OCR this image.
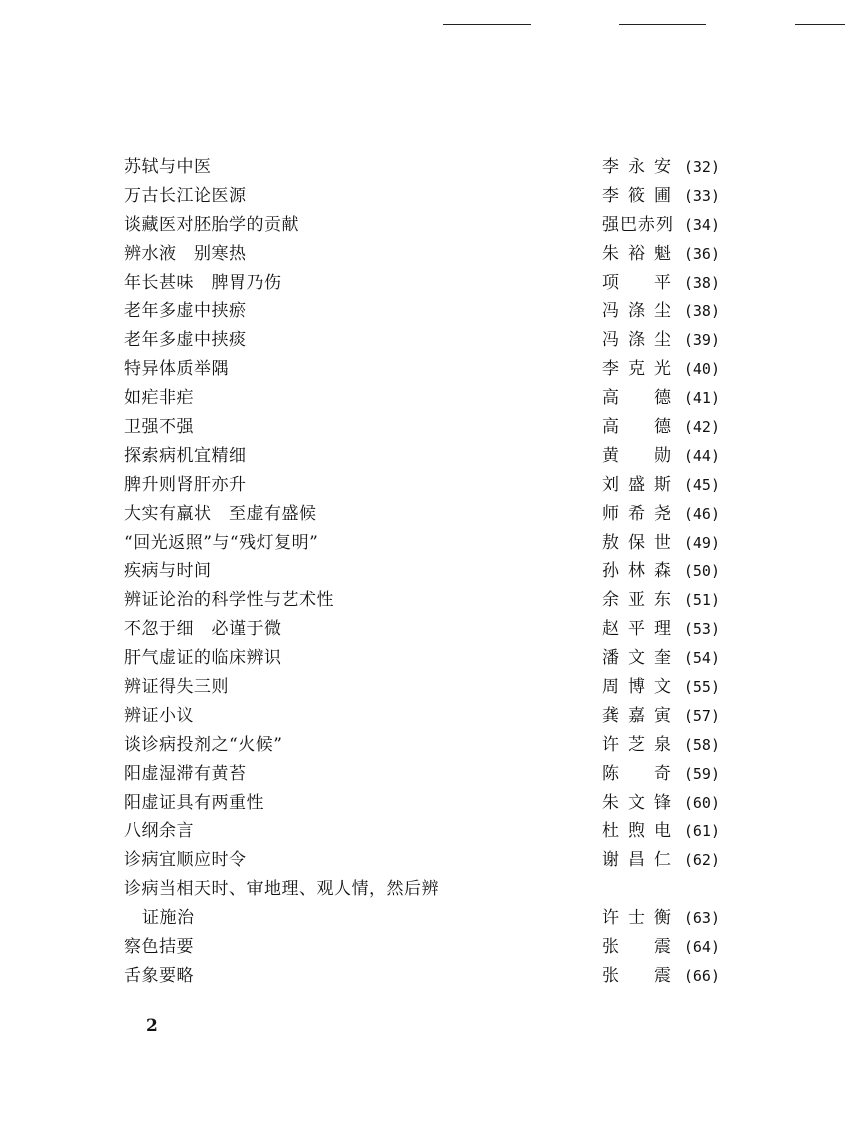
苏轼与中医	李永安 (32)
万古长江论医源	李筱圃 (33)
谈藏医对胚胎学的贡献	强巴赤列 (34)
辨水液　别寒热	朱裕魁 (36)
年长甚味　脾胃乃伤	项　平 (38)
老年多虚中挟瘀	冯涤尘 (38)
老年多虚中挟痰	冯涤尘 (39)
特异体质举隅	李克光 (40)
如疟非疟	高　德 (41)
卫强不强	高　德 (42)
探索病机宜精细	黄　勋 (44)
脾升则肾肝亦升	刘盛斯 (45)
大实有羸状　至虚有盛候	师希尧 (46)
“回光返照”与“残灯复明”	敖保世 (49)
疾病与时间	孙林森 (50)
辨证论治的科学性与艺术性	余亚东 (51)
不忽于细　必谨于微	赵平理 (53)
肝气虚证的临床辨识	潘文奎 (54)
辨证得失三则	周博文 (55)
辨证小议	龚嘉寅 (57)
谈诊病投剂之“火候”	许芝泉 (58)
阳虚湿滞有黄苔	陈　奇 (59)
阳虚证具有两重性	朱文锋 (60)
八纲余言	杜煦电 (61)
诊病宜顺应时令	谢昌仁 (62)
诊病当相天时、审地理、观人情，然后辨
证施治	许士衡 (63)
察色拮要	张　震 (64)
舌象要略	张　震 (66)
2
